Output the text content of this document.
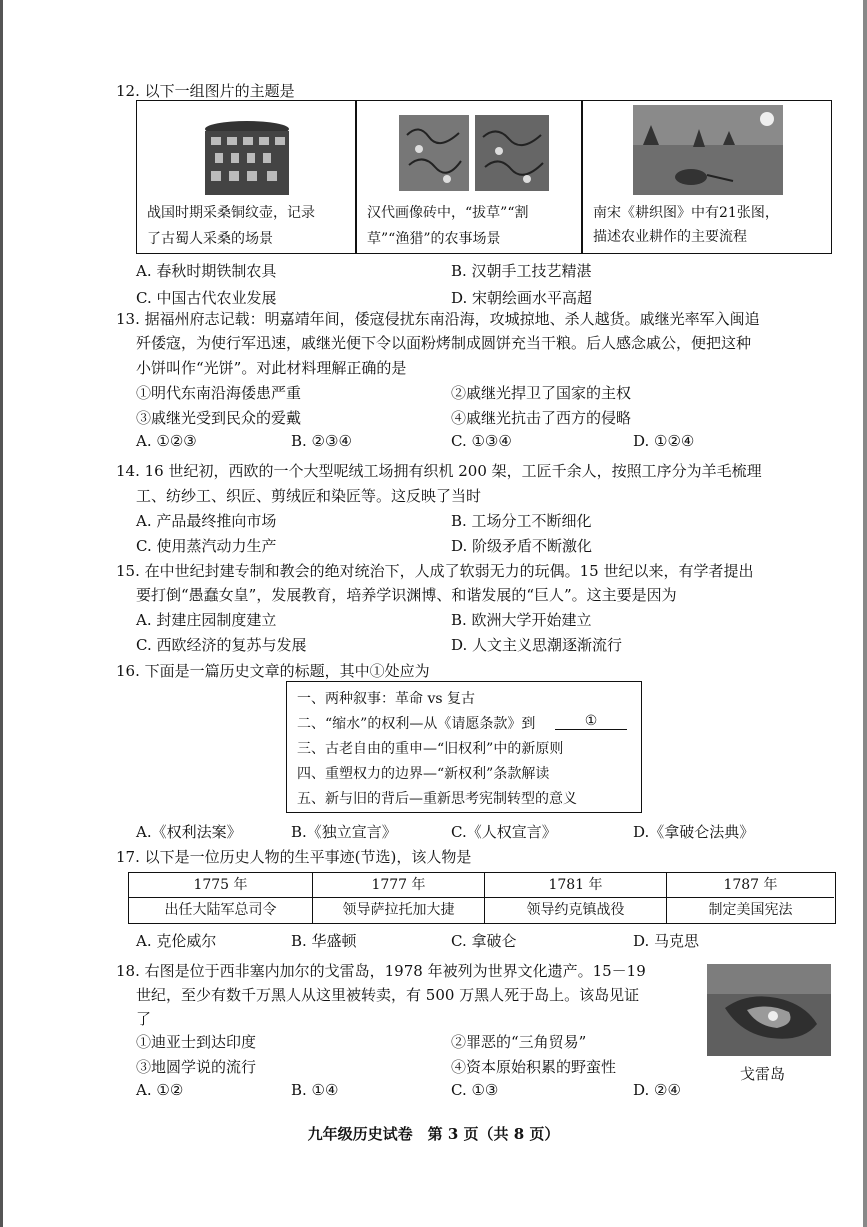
12. 以下一组图片的主题是
战国时期采桑铜纹壶，记录
了古蜀人采桑的场景
汉代画像砖中，“拔草”“割
草”“渔猎”的农事场景
南宋《耕织图》中有21张图，
描述农业耕作的主要流程
A. 春秋时期铁制农具	B. 汉朝手工技艺精湛
C. 中国古代农业发展	D. 宋朝绘画水平高超
13. 据福州府志记载：明嘉靖年间，倭寇侵扰东南沿海，攻城掠地、杀人越货。戚继光率军入闽追
歼倭寇，为使行军迅速，戚继光便下令以面粉烤制成圆饼充当干粮。后人感念戚公，便把这种
小饼叫作“光饼”。对此材料理解正确的是
①明代东南沿海倭患严重	②戚继光捍卫了国家的主权
③戚继光受到民众的爱戴	④戚继光抗击了西方的侵略
A. ①②③	B. ②③④	C. ①③④	D. ①②④
14. 16 世纪初，西欧的一个大型呢绒工场拥有织机 200 架，工匠千余人，按照工序分为羊毛梳理
工、纺纱工、织匠、剪绒匠和染匠等。这反映了当时
A. 产品最终推向市场	B. 工场分工不断细化
C. 使用蒸汽动力生产	D. 阶级矛盾不断激化
15. 在中世纪封建专制和教会的绝对统治下，人成了软弱无力的玩偶。15 世纪以来，有学者提出
要打倒“愚蠢女皇”，发展教育，培养学识渊博、和谐发展的“巨人”。这主要是因为
A. 封建庄园制度建立	B. 欧洲大学开始建立
C. 西欧经济的复苏与发展	D. 人文主义思潮逐渐流行
16. 下面是一篇历史文章的标题，其中①处应为
一、两种叙事：革命 vs 复古
二、“缩水”的权利—从《请愿条款》到	①
三、古老自由的重申—“旧权利”中的新原则
四、重塑权力的边界—“新权利”条款解读
五、新与旧的背后—重新思考宪制转型的意义
A.《权利法案》	B.《独立宣言》	C.《人权宣言》	D.《拿破仑法典》
17. 以下是一位历史人物的生平事迹(节选)，该人物是
1775 年	1777 年	1781 年	1787 年
出任大陆军总司令	领导萨拉托加大捷	领导约克镇战役	制定美国宪法
A. 克伦威尔	B. 华盛顿	C. 拿破仑	D. 马克思
18. 右图是位于西非塞内加尔的戈雷岛，1978 年被列为世界文化遗产。15－19
世纪，至少有数千万黑人从这里被转卖，有 500 万黑人死于岛上。该岛见证
了
①迪亚士到达印度	②罪恶的“三角贸易”
③地圆学说的流行	④资本原始积累的野蛮性
A. ①②	B. ①④	C. ①③	D. ②④
戈雷岛
九年级历史试卷　第 3 页（共 8 页）
